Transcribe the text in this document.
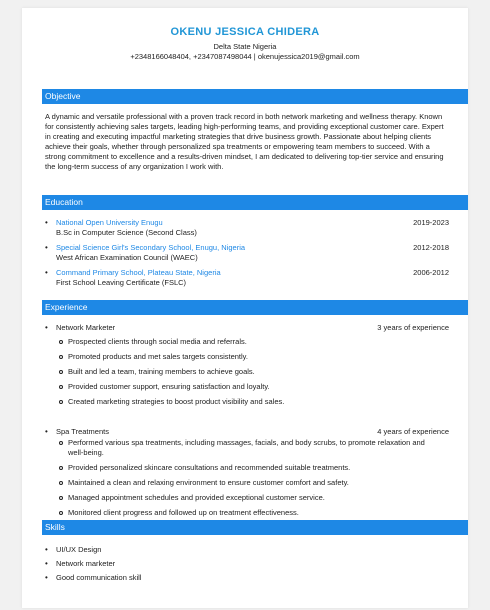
OKENU JESSICA CHIDERA
Delta State Nigeria
+2348166048404, +2347087498044 | okenujessica2019@gmail.com
Objective
A dynamic and versatile professional with a proven track record in both network marketing and wellness therapy. Known for consistently achieving sales targets, leading high-performing teams, and providing exceptional customer care. Expert in creating and executing impactful marketing strategies that drive business growth. Passionate about helping clients achieve their goals, whether through personalized spa treatments or empowering team members to succeed. With a strong commitment to excellence and a results-driven mindset, I am dedicated to delivering top-tier service and ensuring the long-term success of any organization I work with.
Education
• National Open University Enugu	2019-2023
B.Sc in Computer Science (Second Class)
• Special Science Girl's Secondary School, Enugu, Nigeria	2012-2018
West African Examination Council (WAEC)
• Command Primary School, Plateau State, Nigeria	2006-2012
First School Leaving Certificate (FSLC)
Experience
• Network Marketer	3 years of experience
Prospected clients through social media and referrals.
Promoted products and met sales targets consistently.
Built and led a team, training members to achieve goals.
Provided customer support, ensuring satisfaction and loyalty.
Created marketing strategies to boost product visibility and sales.
• Spa Treatments	4 years of experience
Performed various spa treatments, including massages, facials, and body scrubs, to promote relaxation and well-being.
Provided personalized skincare consultations and recommended suitable treatments.
Maintained a clean and relaxing environment to ensure customer comfort and safety.
Managed appointment schedules and provided exceptional customer service.
Monitored client progress and followed up on treatment effectiveness.
Skills
• UI/UX Design
• Network marketer
• Good communication skill
